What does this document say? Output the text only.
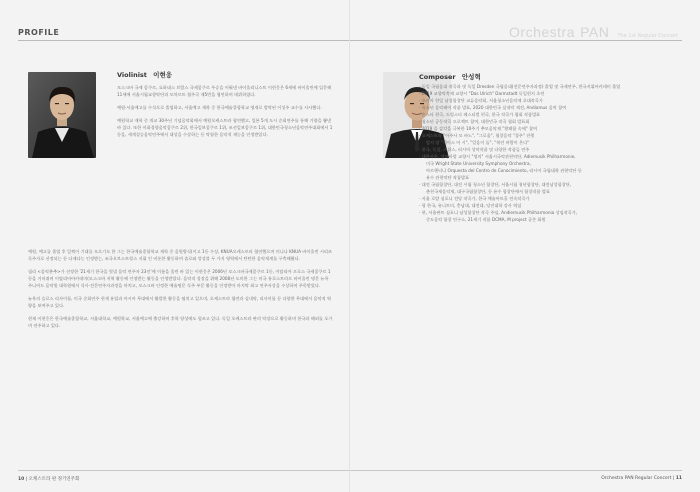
PROFILE	Orchestra PAN The 1st Regular Concert
Violinist 이현웅

모스크바 국제 콩쿠르, 요하네스 브람스 국제콩쿠르 우승을 이뤄낸 바이올리니스트 이현웅은 6세에 바이올린에 입문해 11세에 서울시립교향악단과 모차르트 협주곡 제5번을 협연하며 데뷔하였다.

예원·서울예고를 수석으로 졸업하고, 서울예고 재학 중 한국예술종합학교 영재로 발탁된 이성주 교수를 사사했다.

예원학교 재학 중 개교 30주년 기념음악회에서 예원오케스트라 협연했고, 일본 5개 도시 순회연주를 통해 기량을 뽐낸 바 있다. 또한 이화경향음악콩쿠르 2위, 한국일보콩쿠르 1위, 조선일보콩쿠르 1위, 대한민국청소년음악연주대회에서 1등을, 세계결승음악연주에서 대상을 수상하는 등 탁월한 음악적 재능을 인정받았다.

예원, 예고를 졸업 후 일찍이 기대를 모으기도 한 그는 한국예술종합학교 재학 중 음원방식(이고 1등 수상, KNUA오케스트라 협연했으며 미니나 KNUA 바이올린 시리즈 독주자로 선정되는 등 다재다능 인정받는, 조국오브스트링스 지휘 인 비롯한 활동하며 솔로와 앙상블 두 가지 영역에서 탄탄한 음악세계를 구축해왔다.

필리 <음악춘추>가 선정한 '21세기 한국을 빛낼 음악 연주자 23인'에 이름을 올린 바 있는 이현웅은 2006년 모스크바국제콩쿠르 1등, 이탈리아 프로스 국제콩쿠르 1등을 거머쥐며 이탈리아아카데미(모스크바 지역 활동에 인정받는 활동을 인정받았다. 음악적 성장을 위해 2008년 도미한 그는 미국 유로스트라프 바이올린 명문 뉴욕 주니어드 음악원 대학원에서 석사·전문연주자과정을 마치고, 모스크바 인정한 예술명문 독주 부문 활동을 인정받아 마지막 최고 연주자상을 수상하며 주목받았다.

뉴욕의 슬로스 리사이틀, 미국 순회연주 현재 유럽과 아시아 무대에서 활발한 활동을 펼치고 있으며, 오케스트라 협연과 실내악, 리사이틀 등 다양한 무대에서 음악적 역량을 보여주고 있다.

현재 이현웅은 한국예술종합학교, 서울대학교, 예원학교, 서울예고에 출강하며 후학 양성에도 힘쓰고 있다. 독일 오케스트라 판의 악장으로 활동하며 한국과 해외를 오가며 연주하고 있다.

Composer 안성혁
· 독일 국립음대 작곡과 및 독일 Dresden 국립음대(전문연주자과정) 졸업 및 국제연주, 한국지휘아카데미 졸업
· 2019 교향악축제 교향시 "Das Ulrich" Darmstadt 독일현지 초연
· 오사카 한일 남성합창단 교류음악회, 서울청소년음악제 초대작곡가
· 유소년 음악페어 작품 발표, 2020 대한민국 실내악 제전, Andiamus 음악 참여
· 손스타 편곡, 드림스타 페스티벌 편곡, 한국 작곡가 협회 작품발표
· 청소년 공동작곡 프로젝트 참여, 대한민국 작곡 협회 발표회
· 2019 을 감각을 극복한 10주기 추모음악제 "황폐함 속에" 참여
· 오케스트라 "아주사 모 바느", "그로움", 협창음악 "경주" 진행
암지 말 "세이스 어 시", "얼음이 돌", "혁연 바람이 온다"
· 한국, 독일, 스위스, 러시아 성악작품 및 다양한 작품들 연주
· 대한사무, 생의사랑 교향시 "생의" 서울시국악관현악단, Adiemusik Philharmonie,
미국 Wright State University Symphony Orchestra,
아르헨티나 Orquesta del Centro de Conocimiento, 러시아 국립대학 관현악단 등
유수 관현악단 작품발표
· 대전 국립합창단, 대전 시립 청소년 합창단, 서울시립 청년합창단, 대전남성합창단,
춘천국제음악제, 대구국립합창단, 등 유수 합창단에서 합창작품 발표
· 서울 로얄 심포니 전당 작곡가, 한국 예술아트홀 전속작곡가
· 평 한국, 유니트미, 충남대, 대전대, 당진대학 강사 역임
· 현, 서울판트 심포니 남성합창단 작곡 주임, Andiemusik Philharmonia 상임작곡가,
중도음악 합창 연구소, 21세기 작품 DCMA, M project 공존 회원
10 | 오케스트라 판 정기연주회	Orchestra PAN Regular Concert | 11
